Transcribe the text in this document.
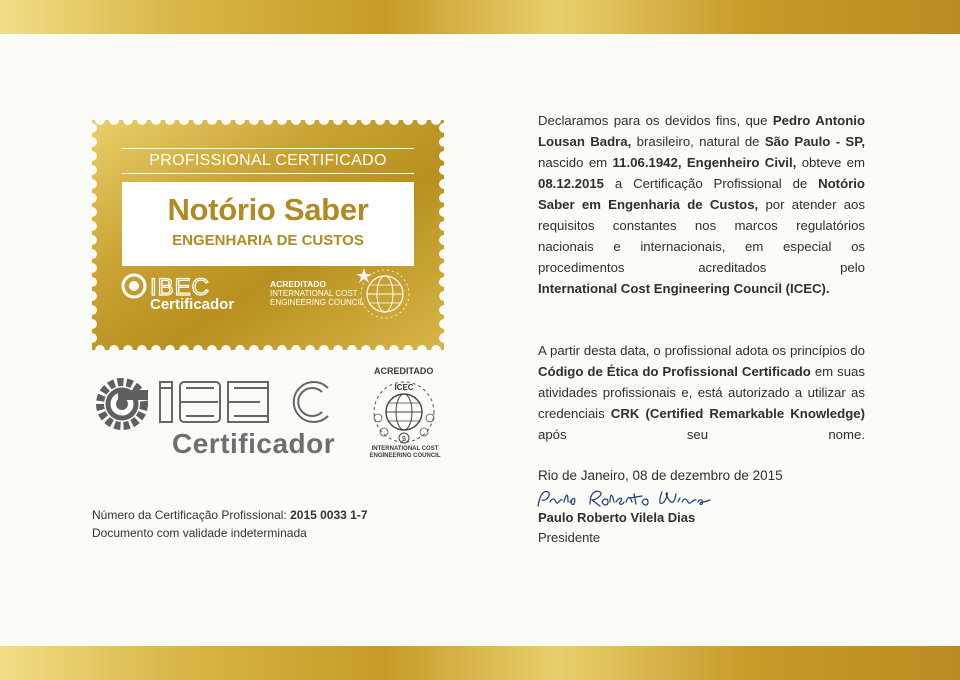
PROFISSIONAL CERTIFICADO
Notório Saber
ENGENHARIA DE CUSTOS
IBEC
Certificador
ACREDITADO
INTERNATIONAL COST
ENGINEERING COUNCIL
Certificador
ACREDITADO
ICEC
$
INTERNATIONAL COST
ENGINEERING COUNCIL
Número da Certificação Profissional: 2015 0033 1-7
Documento com validade indeterminada
Declaramos para os devidos fins, que Pedro Antonio Lousan Badra, brasileiro, natural de São Paulo - SP, nascido em 11.06.1942, Engenheiro Civil, obteve em 08.12.2015 a Certificação Profissional de Notório Saber em Engenharia de Custos, por atender aos requisitos constantes nos marcos regulatórios nacionais e internacionais, em especial os procedimentos acreditados pelo
International Cost Engineering Council (ICEC).
A partir desta data, o profissional adota os princípios do Código de Ética do Profissional Certificado em suas atividades profissionais e, está autorizado a utilizar as credenciais CRK (Certified Remarkable Knowledge) após seu nome.
Rio de Janeiro, 08 de dezembro de 2015
Paulo Roberto Vilela Dias
Presidente
